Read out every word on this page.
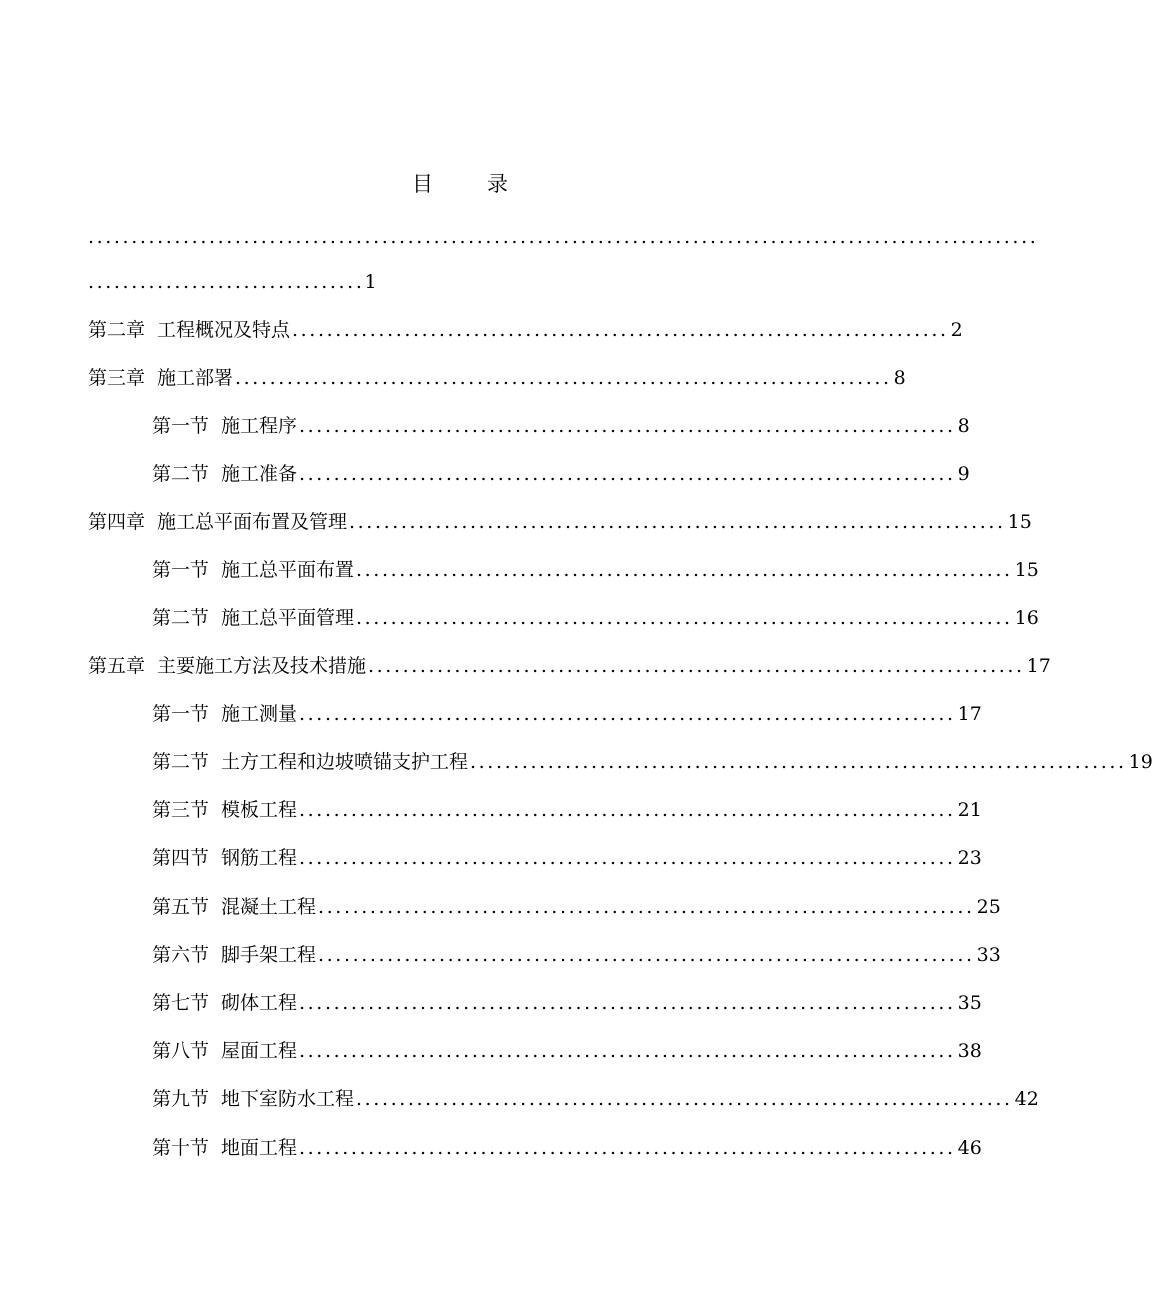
目	录
..............................................................................................................
................................1
第二章 工程概况及特点 ............................................................................ 2
第三章 施工部署 ............................................................................ 8
第一节 施工程序 ............................................................................ 8
第二节 施工准备 ............................................................................ 9
第四章 施工总平面布置及管理 ............................................................................ 15
第一节 施工总平面布置 ............................................................................ 15
第二节 施工总平面管理 ............................................................................ 16
第五章 主要施工方法及技术措施 ............................................................................ 17
第一节 施工测量 ............................................................................ 17
第二节 土方工程和边坡喷锚支护工程 ............................................................................ 19
第三节 模板工程 ............................................................................ 21
第四节 钢筋工程 ............................................................................ 23
第五节 混凝土工程 ............................................................................ 25
第六节 脚手架工程 ............................................................................ 33
第七节 砌体工程 ............................................................................ 35
第八节 屋面工程 ............................................................................ 38
第九节 地下室防水工程 ............................................................................ 42
第十节 地面工程 ............................................................................ 46
